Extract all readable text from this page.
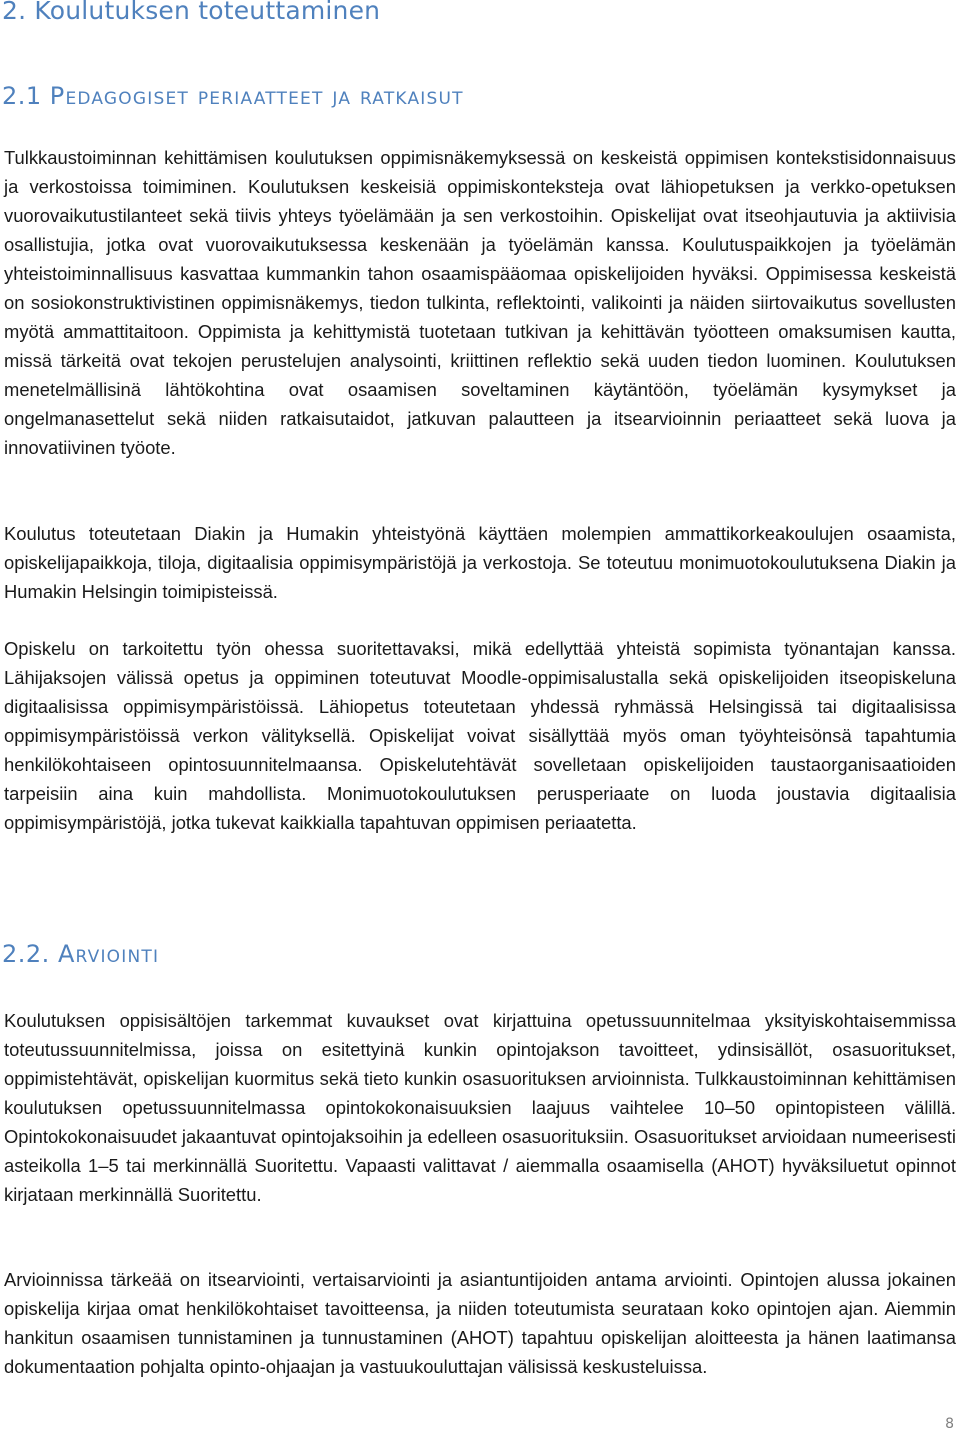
2. Koulutuksen toteuttaminen
2.1 Pedagogiset periaatteet ja ratkaisut

Tulkkaustoiminnan kehittämisen koulutuksen oppimisnäkemyksessä on keskeistä oppimisen kontekstisidonnaisuus ja verkostoissa toimiminen. Koulutuksen keskeisiä oppimiskonteksteja ovat lähiopetuksen ja verkko-opetuksen vuorovaikutustilanteet sekä tiivis yhteys työelämään ja sen verkostoihin. Opiskelijat ovat itseohjautuvia ja aktiivisia osallistujia, jotka ovat vuorovaikutuksessa keskenään ja työelämän kanssa. Koulutuspaikkojen ja työelämän yhteistoiminnallisuus kasvattaa kummankin tahon osaamispääomaa opiskelijoiden hyväksi. Oppimisessa keskeistä on sosiokonstruktivistinen oppimisnäkemys, tiedon tulkinta, reflektointi, valikointi ja näiden siirtovaikutus sovellusten myötä ammattitaitoon. Oppimista ja kehittymistä tuotetaan tutkivan ja kehittävän työotteen omaksumisen kautta, missä tärkeitä ovat tekojen perustelujen analysointi, kriittinen reflektio sekä uuden tiedon luominen. Koulutuksen menetelmällisinä lähtökohtina ovat osaamisen soveltaminen käytäntöön, työelämän kysymykset ja ongelmanasettelut sekä niiden ratkaisutaidot, jatkuvan palautteen ja itsearvioinnin periaatteet sekä luova ja innovatiivinen työote.

Koulutus toteutetaan Diakin ja Humakin yhteistyönä käyttäen molempien ammattikorkeakoulujen osaamista, opiskelijapaikkoja, tiloja, digitaalisia oppimisympäristöjä ja verkostoja. Se toteutuu monimuotokoulutuksena Diakin ja Humakin Helsingin toimipisteissä.

Opiskelu on tarkoitettu työn ohessa suoritettavaksi, mikä edellyttää yhteistä sopimista työnantajan kanssa. Lähijaksojen välissä opetus ja oppiminen toteutuvat Moodle-oppimisalustalla sekä opiskelijoiden itseopiskeluna digitaalisissa oppimisympäristöissä. Lähiopetus toteutetaan yhdessä ryhmässä Helsingissä tai digitaalisissa oppimisympäristöissä verkon välityksellä. Opiskelijat voivat sisällyttää myös oman työyhteisönsä tapahtumia henkilökohtaiseen opintosuunnitelmaansa. Opiskelutehtävät sovelletaan opiskelijoiden taustaorganisaatioiden tarpeisiin aina kuin mahdollista. Monimuotokoulutuksen perusperiaate on luoda joustavia digitaalisia oppimisympäristöjä, jotka tukevat kaikkialla tapahtuvan oppimisen periaatetta.

2.2. Arviointi

Koulutuksen oppisisältöjen tarkemmat kuvaukset ovat kirjattuina opetussuunnitelmaa yksityiskohtaisemmissa toteutussuunnitelmissa, joissa on esitettyinä kunkin opintojakson tavoitteet, ydinsisällöt, osasuoritukset, oppimistehtävät, opiskelijan kuormitus sekä tieto kunkin osasuorituksen arvioinnista. Tulkkaustoiminnan kehittämisen koulutuksen opetussuunnitelmassa opintokokonaisuuksien laajuus vaihtelee 10–50 opintopisteen välillä. Opintokokonaisuudet jakaantuvat opintojaksoihin ja edelleen osasuorituksiin. Osasuoritukset arvioidaan numeerisesti asteikolla 1–5 tai merkinnällä Suoritettu. Vapaasti valittavat / aiemmalla osaamisella (AHOT) hyväksiluetut opinnot kirjataan merkinnällä Suoritettu.

Arvioinnissa tärkeää on itsearviointi, vertaisarviointi ja asiantuntijoiden antama arviointi. Opintojen alussa jokainen opiskelija kirjaa omat henkilökohtaiset tavoitteensa, ja niiden toteutumista seurataan koko opintojen ajan. Aiemmin hankitun osaamisen tunnistaminen ja tunnustaminen (AHOT) tapahtuu opiskelijan aloitteesta ja hänen laatimansa dokumentaation pohjalta opinto-ohjaajan ja vastuukouluttajan välisissä keskusteluissa.

8
